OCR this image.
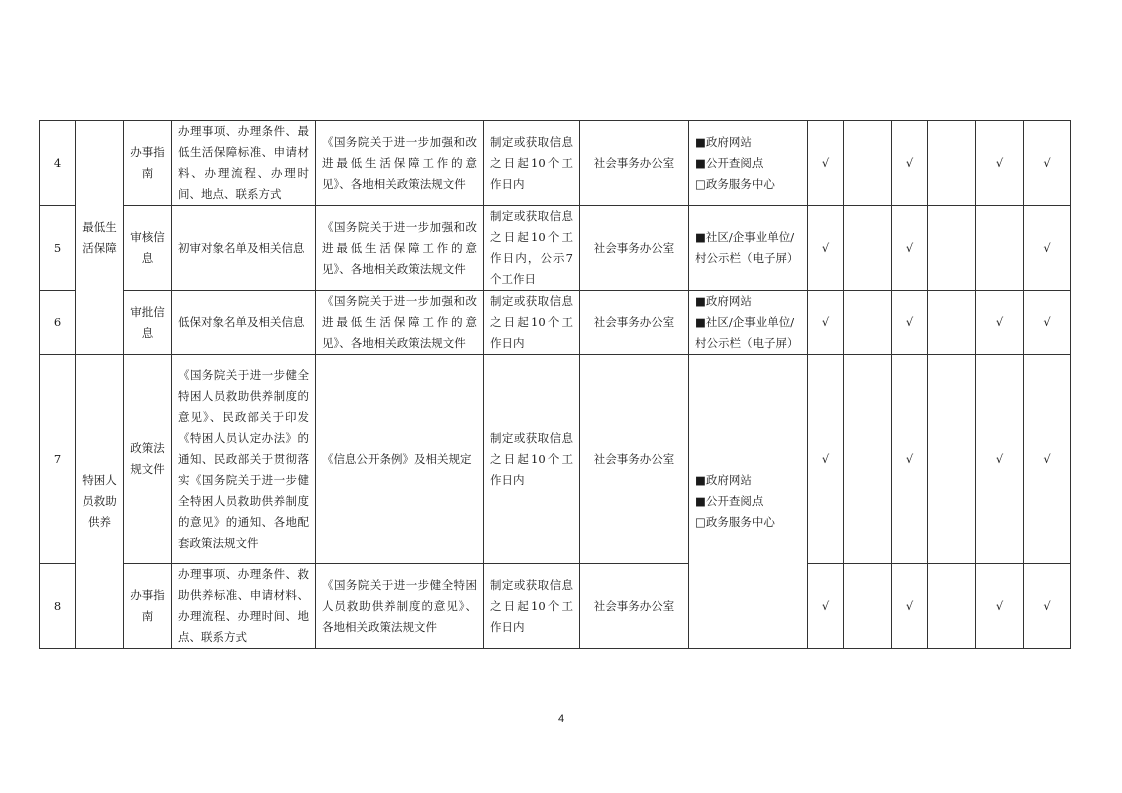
4	最低生活保障	办事指南	办理事项、办理条件、最低生活保障标准、申请材料、办理流程、办理时间、地点、联系方式	《国务院关于进一步加强和改进最低生活保障工作的意见》、各地相关政策法规文件	制定或获取信息之日起10个工作日内	社会事务办公室	■政府网站
■公开查阅点
□政务服务中心	√		√		√	√
5		审核信息	初审对象名单及相关信息	《国务院关于进一步加强和改进最低生活保障工作的意见》、各地相关政策法规文件	制定或获取信息之日起10个工作日内，公示7个工作日	社会事务办公室	■社区/企事业单位/村公示栏（电子屏）	√		√			√
6		审批信息	低保对象名单及相关信息	《国务院关于进一步加强和改进最低生活保障工作的意见》、各地相关政策法规文件	制定或获取信息之日起10个工作日内	社会事务办公室	■政府网站
■社区/企事业单位/村公示栏（电子屏）	√		√		√	√
7	特困人员救助供养	政策法规文件	《国务院关于进一步健全特困人员救助供养制度的意见》、民政部关于印发《特困人员认定办法》的通知、民政部关于贯彻落实《国务院关于进一步健全特困人员救助供养制度的意见》的通知、各地配套政策法规文件	《信息公开条例》及相关规定	制定或获取信息之日起10个工作日内	社会事务办公室	■政府网站
■公开查阅点
□政务服务中心	√		√		√	√
8		办事指南	办理事项、办理条件、救助供养标准、申请材料、办理流程、办理时间、地点、联系方式	《国务院关于进一步健全特困人员救助供养制度的意见》、各地相关政策法规文件	制定或获取信息之日起10个工作日内	社会事务办公室		√		√		√	√
4
